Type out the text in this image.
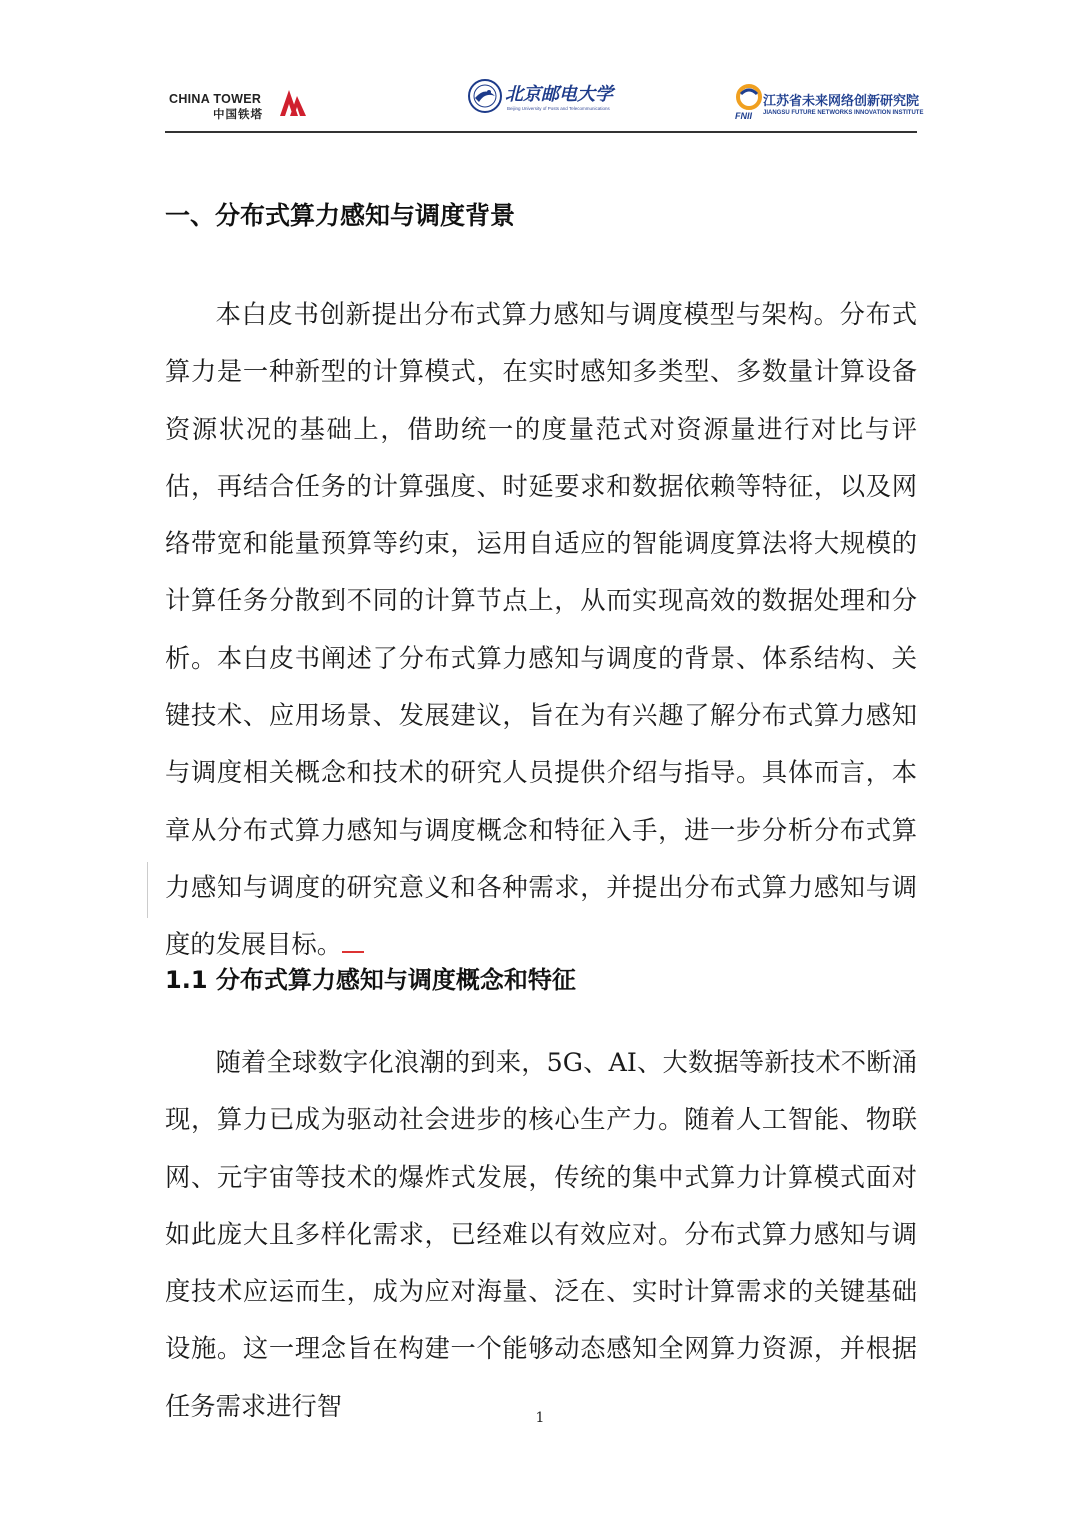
CHINA TOWER
中国铁塔
北京邮电大学
Beijing University of Posts and Telecommunications
FNII
江苏省未来网络创新研究院
JIANGSU FUTURE NETWORKS INNOVATION INSTITUTE
一、分布式算力感知与调度背景

本白皮书创新提出分布式算力感知与调度模型与架构。分布式算力是一种新型的计算模式，在实时感知多类型、多数量计算设备资源状况的基础上，借助统一的度量范式对资源量进行对比与评估，再结合任务的计算强度、时延要求和数据依赖等特征，以及网络带宽和能量预算等约束，运用自适应的智能调度算法将大规模的计算任务分散到不同的计算节点上，从而实现高效的数据处理和分析。本白皮书阐述了分布式算力感知与调度的背景、体系结构、关键技术、应用场景、发展建议，旨在为有兴趣了解分布式算力感知与调度相关概念和技术的研究人员提供介绍与指导。具体而言，本章从分布式算力感知与调度概念和特征入手，进一步分析分布式算力感知与调度的研究意义和各种需求，并提出分布式算力感知与调度的发展目标。

1.1 分布式算力感知与调度概念和特征

随着全球数字化浪潮的到来，5G、AI、大数据等新技术不断涌现，算力已成为驱动社会进步的核心生产力。随着人工智能、物联网、元宇宙等技术的爆炸式发展，传统的集中式算力计算模式面对如此庞大且多样化需求，已经难以有效应对。分布式算力感知与调度技术应运而生，成为应对海量、泛在、实时计算需求的关键基础设施。这一理念旨在构建一个能够动态感知全网算力资源，并根据任务需求进行智	1
